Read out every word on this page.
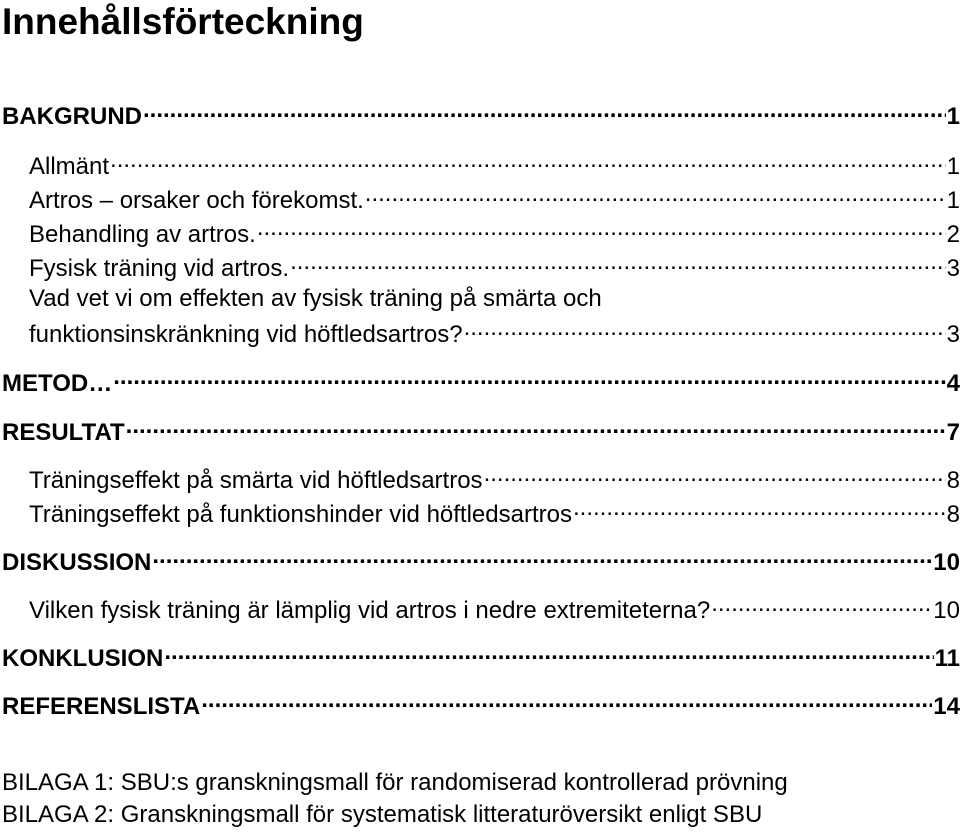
Innehållsförteckning
BAKGRUND .....	1
Allmänt .....	1
Artros – orsaker och förekomst. .....	1
Behandling av artros. .....	2
Fysisk träning vid artros. .....	3
Vad vet vi om effekten av fysisk träning på smärta och
funktionsinskränkning vid höftledsartros? .....	3
METOD… .....	4
RESULTAT .....	7
Träningseffekt på smärta vid höftledsartros .....	8
Träningseffekt på funktionshinder vid höftledsartros .....	8
DISKUSSION .....	10
Vilken fysisk träning är lämplig vid artros i nedre extremiteterna? .....	10
KONKLUSION .....	11
REFERENSLISTA .....	14
BILAGA 1: SBU:s granskningsmall för randomiserad kontrollerad prövning
BILAGA 2: Granskningsmall för systematisk litteraturöversikt enligt SBU
